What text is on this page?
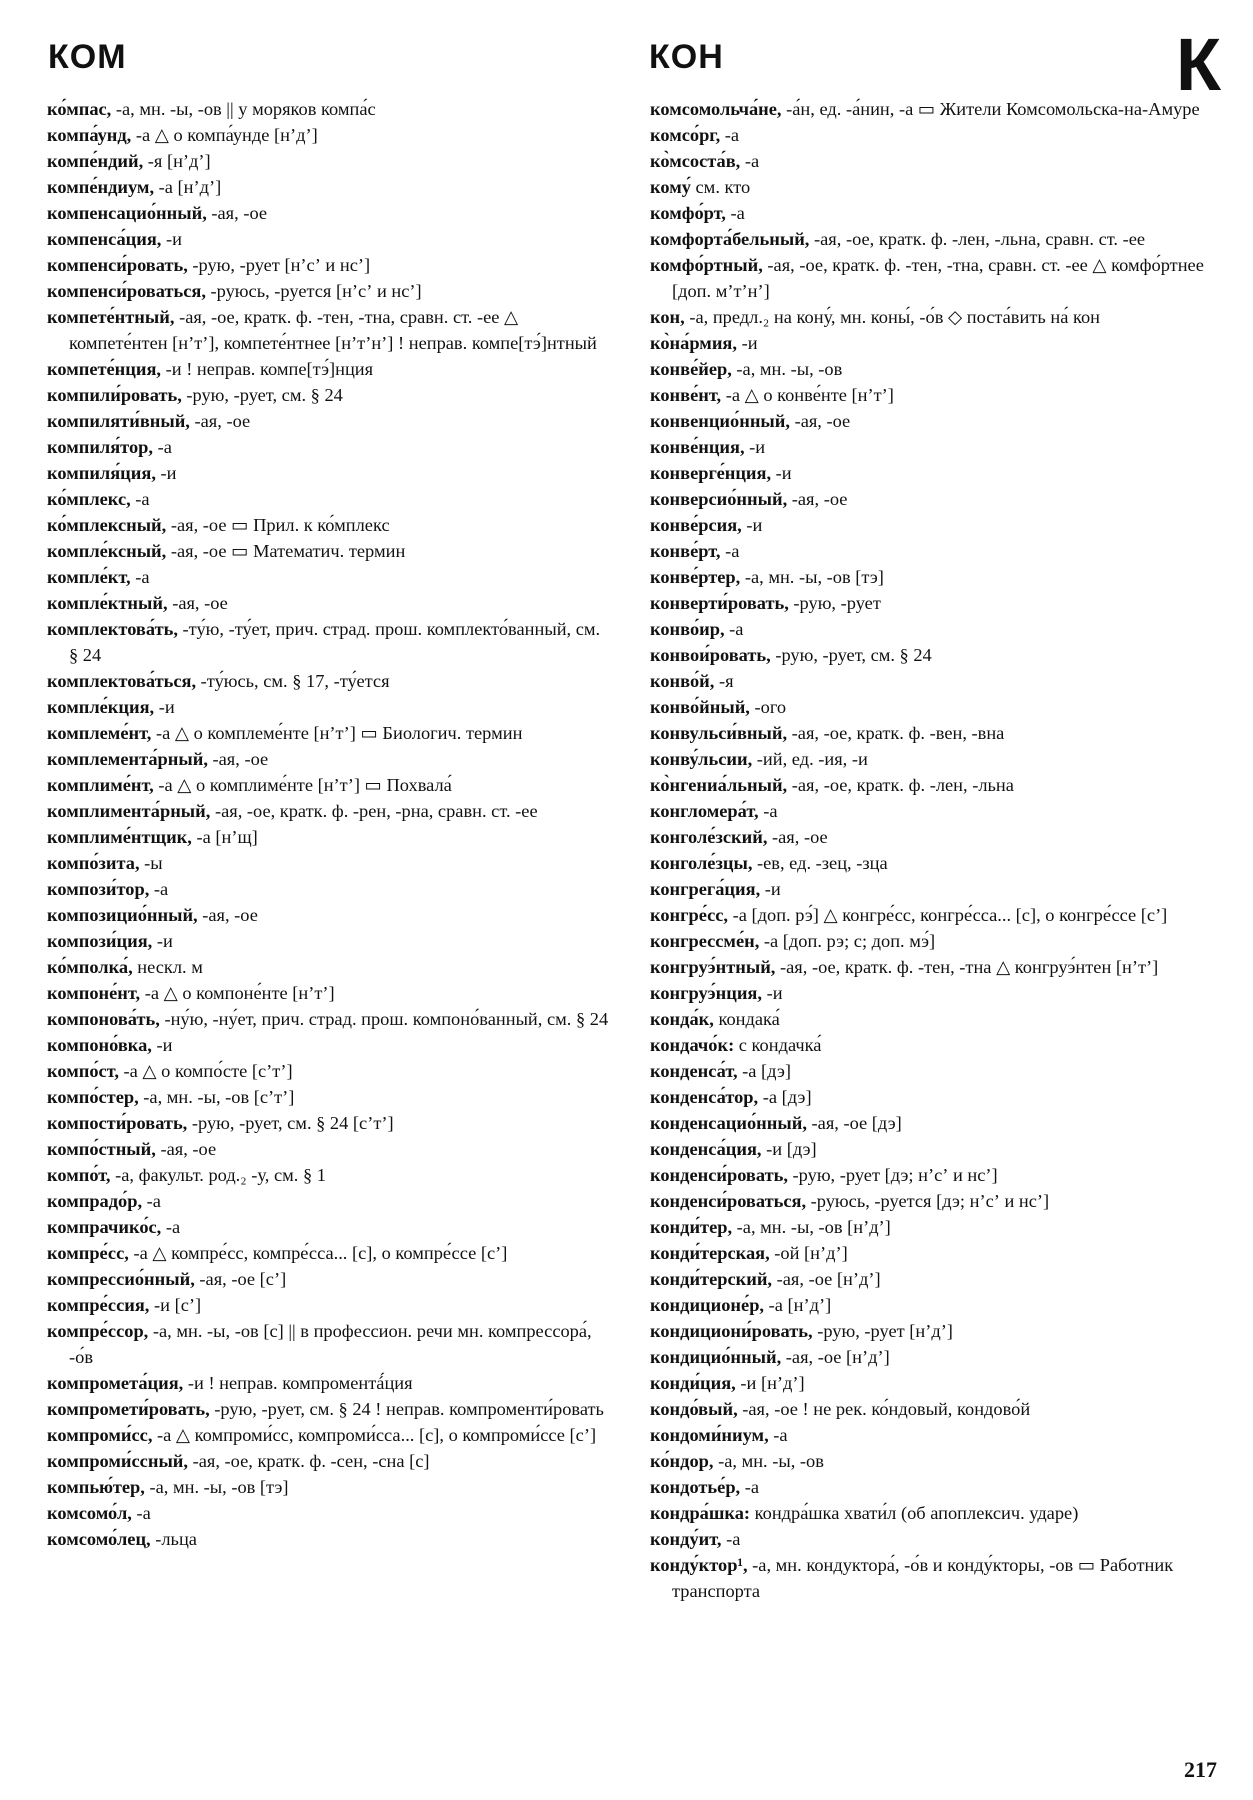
КОМ	КОН	К
ко́мпас, -а, мн. -ы, -ов || у моряков компа́с
компа́унд, -а △ о компа́унде [нʼдʼ]
компе́ндий, -я [нʼдʼ]
компе́ндиум, -а [нʼдʼ]
компенсацио́нный, -ая, -ое
компенса́ция, -и
компенси́ровать, -рую, -рует [нʼсʼ и нсʼ]
компенси́роваться, -руюсь, -руется [нʼсʼ и нсʼ]
компете́нтный, -ая, -ое, кратк. ф. -тен, -тна, сравн. ст. -ее △ компете́нтен [нʼтʼ], компете́нтнее [нʼтʼнʼ] ! неправ. компе[тэ́]нтный
компете́нция, -и ! неправ. компе[тэ́]нция
компили́ровать, -рую, -рует, см. § 24
компиляти́вный, -ая, -ое
компиля́тор, -а
компиля́ция, -и
ко́мплекс, -а
ко́мплексный, -ая, -ое ▭ Прил. к ко́мплекс
компле́ксный, -ая, -ое ▭ Математич. термин
компле́кт, -а
компле́ктный, -ая, -ое
комплектова́ть, -ту́ю, -ту́ет, прич. страд. прош. комплекто́ванный, см. § 24
комплектова́ться, -ту́юсь, см. § 17, -ту́ется
компле́кция, -и
комплеме́нт, -а △ о комплеме́нте [нʼтʼ] ▭ Биологич. термин
комплемента́рный, -ая, -ое
комплиме́нт, -а △ о комплиме́нте [нʼтʼ] ▭ Похвала́
комплимента́рный, -ая, -ое, кратк. ф. -рен, -рна, сравн. ст. -ее
комплиме́нтщик, -а [нʼщ]
компо́зита, -ы
компози́тор, -а
композицио́нный, -ая, -ое
компози́ция, -и
ко́мполка́, нескл. м
компоне́нт, -а △ о компоне́нте [нʼтʼ]
компонова́ть, -ну́ю, -ну́ет, прич. страд. прош. компоно́ванный, см. § 24
компоно́вка, -и
компо́ст, -а △ о компо́сте [сʼтʼ]
компо́стер, -а, мн. -ы, -ов [сʼтʼ]
компости́ровать, -рую, -рует, см. § 24 [сʼтʼ]
компо́стный, -ая, -ое
компо́т, -а, факульт. род.₂ -у, см. § 1
компрадо́р, -а
компрачико́с, -а
компре́сс, -а △ компре́сс, компре́сса... [с], о компре́ссе [сʼ]
компрессио́нный, -ая, -ое [сʼ]
компре́ссия, -и [сʼ]
компре́ссор, -а, мн. -ы, -ов [с] || в профессион. речи мн. компрессора́, -о́в
компромета́ция, -и ! неправ. компроментá́ция
компромети́ровать, -рую, -рует, см. § 24 ! неправ. компроменти́ровать
компроми́сс, -а △ компроми́сс, компроми́сса... [с], о компроми́ссе [сʼ]
компроми́ссный, -ая, -ое, кратк. ф. -сен, -сна [с]
компью́тер, -а, мн. -ы, -ов [тэ]
комсомо́л, -а
комсомо́лец, -льца
комсомольча́не, -а́н, ед. -а́нин, -а ▭ Жители Комсомольска-на-Амуре
комсо́рг, -а
ко̀мсоста́в, -а
кому́ см. кто
комфо́рт, -а
комфорта́бельный, -ая, -ое, кратк. ф. -лен, -льна, сравн. ст. -ее
комфо́ртный, -ая, -ое, кратк. ф. -тен, -тна, сравн. ст. -ее △ комфо́ртнее [доп. мʼтʼнʼ]
кон, -а, предл.₂ на кону́, мн. коны́, -о́в ◇ поста́вить на́ кон
ко̀на́рмия, -и
конве́йер, -а, мн. -ы, -ов
конве́нт, -а △ о конве́нте [нʼтʼ]
конвенцио́нный, -ая, -ое
конве́нция, -и
конверге́нция, -и
конверсио́нный, -ая, -ое
конве́рсия, -и
конве́рт, -а
конве́ртер, -а, мн. -ы, -ов [тэ]
конверти́ровать, -рую, -рует
конво́ир, -а
конвои́ровать, -рую, -рует, см. § 24
конво́й, -я
конво́йный, -ого
конвульси́вный, -ая, -ое, кратк. ф. -вен, -вна
конву́льсии, -ий, ед. -ия, -и
ко̀нгениа́льный, -ая, -ое, кратк. ф. -лен, -льна
конгломера́т, -а
конголе́зский, -ая, -ое
конголе́зцы, -ев, ед. -зец, -зца
конгрега́ция, -и
конгре́сс, -а [доп. рэ́] △ конгре́сс, конгре́сса... [с], о конгре́ссе [сʼ]
конгрессме́н, -а [доп. рэ; с; доп. мэ́]
конгруэ́нтный, -ая, -ое, кратк. ф. -тен, -тна △ конгруэ́нтен [нʼтʼ]
конгруэ́нция, -и
конда́к, кондака́
кондачо́к: с кондачка́
конденса́т, -а [дэ]
конденса́тор, -а [дэ]
конденсацио́нный, -ая, -ое [дэ]
конденса́ция, -и [дэ]
конденси́ровать, -рую, -рует [дэ; нʼсʼ и нсʼ]
конденси́роваться, -руюсь, -руется [дэ; нʼсʼ и нсʼ]
конди́тер, -а, мн. -ы, -ов [нʼдʼ]
конди́терская, -ой [нʼдʼ]
конди́терский, -ая, -ое [нʼдʼ]
кондиционе́р, -а [нʼдʼ]
кондициони́ровать, -рую, -рует [нʼдʼ]
кондицио́нный, -ая, -ое [нʼдʼ]
конди́ция, -и [нʼдʼ]
кондо́вый, -ая, -ое ! не рек. ко́ндовый, кондово́й
кондоми́ниум, -а
ко́ндор, -а, мн. -ы, -ов
кондотье́р, -а
кондра́шка: кондра́шка хвати́л (об апоплексич. ударе)
конду́ит, -а
конду́ктор¹, -а, мн. кондуктора́, -о́в и конду́кторы, -ов ▭ Работник транспорта
217
